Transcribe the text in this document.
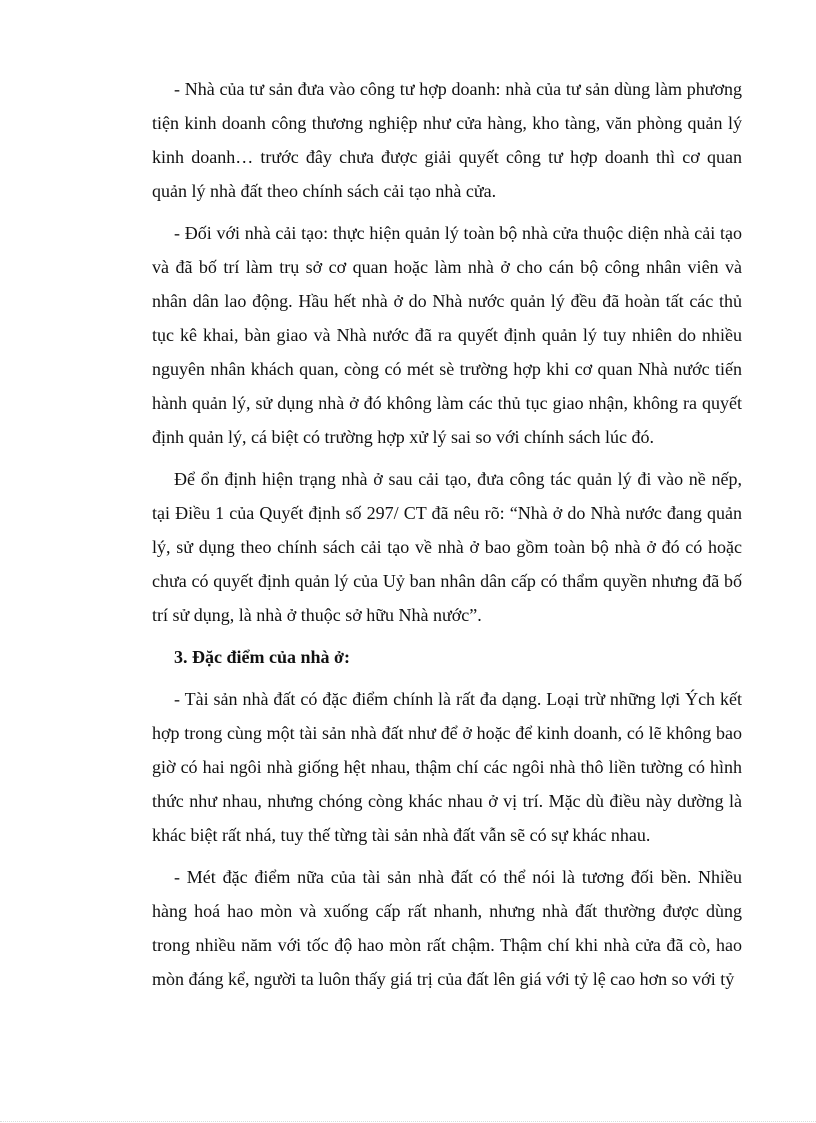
- Nhà của tư sản đưa vào công tư hợp doanh: nhà của tư sản dùng làm phương tiện kinh doanh công thương nghiệp như cửa hàng, kho tàng, văn phòng quản lý kinh doanh… trước đây chưa được giải quyết công tư hợp doanh thì cơ quan quản lý nhà đất theo chính sách cải tạo nhà cửa.

- Đối với nhà cải tạo: thực hiện quản lý toàn bộ nhà cửa thuộc diện nhà cải tạo và đã bố trí làm trụ sở cơ quan hoặc làm nhà ở cho cán bộ công nhân viên và nhân dân lao động. Hầu hết nhà ở do Nhà nước quản lý đều đã hoàn tất các thủ tục kê khai, bàn giao và Nhà nước đã ra quyết định quản lý tuy nhiên do nhiều nguyên nhân khách quan, còng có mét sè trường hợp khi cơ quan Nhà nước tiến hành quản lý, sử dụng nhà ở đó không làm các thủ tục giao nhận, không ra quyết định quản lý, cá biệt có trường hợp xử lý sai so với chính sách lúc đó.

Để ổn định hiện trạng nhà ở sau cải tạo, đưa công tác quản lý đi vào nề nếp, tại Điều 1 của Quyết định số 297/ CT đã nêu rõ: “Nhà ở do Nhà nước đang quản lý, sử dụng theo chính sách cải tạo về nhà ở bao gồm toàn bộ nhà ở đó có hoặc chưa có quyết định quản lý của Uỷ ban nhân dân cấp có thẩm quyền nhưng đã bố trí sử dụng, là nhà ở thuộc sở hữu Nhà nước”.

3. Đặc điểm của nhà ở:

- Tài sản nhà đất có đặc điểm chính là rất đa dạng. Loại trừ những lợi Ých kết hợp trong cùng một tài sản nhà đất như để ở hoặc để kinh doanh, có lẽ không bao giờ có hai ngôi nhà giống hệt nhau, thậm chí các ngôi nhà thô liền tường có hình thức như nhau, nhưng chóng còng khác nhau ở vị trí. Mặc dù điều này dường là khác biệt rất nhá, tuy thế từng tài sản nhà đất vẫn sẽ có sự khác nhau.

- Mét đặc điểm nữa của tài sản nhà đất có thể nói là tương đối bền. Nhiều hàng hoá hao mòn và xuống cấp rất nhanh, nhưng nhà đất thường được dùng trong nhiều năm với tốc độ hao mòn rất chậm. Thậm chí khi nhà cửa đã cò, hao mòn đáng kể, người ta luôn thấy giá trị của đất lên giá với tỷ lệ cao hơn so với tỷ
